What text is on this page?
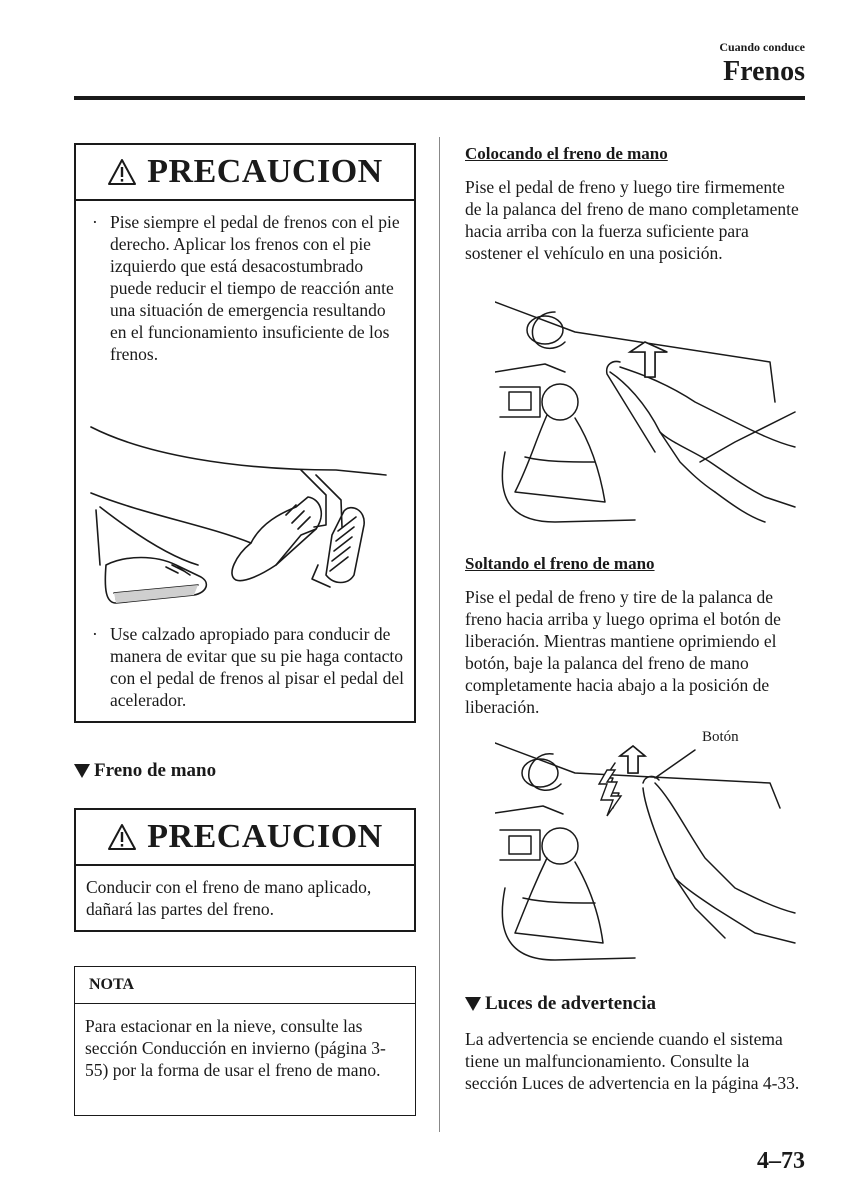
Cuando conduce
Frenos
PRECAUCION
· Pise siempre el pedal de frenos con el pie derecho. Aplicar los frenos con el pie izquierdo que está desacostumbrado puede reducir el tiempo de reacción ante una situación de emergencia resultando en el funcionamiento insuficiente de los frenos.
· Use calzado apropiado para conducir de manera de evitar que su pie haga contacto con el pedal de frenos al pisar el pedal del acelerador.
Freno de mano
PRECAUCION
Conducir con el freno de mano aplicado, dañará las partes del freno.
NOTA
Para estacionar en la nieve, consulte las sección Conducción en invierno (página 3-55) por la forma de usar el freno de mano.
Colocando el freno de mano
Pise el pedal de freno y luego tire firmemente de la palanca del freno de mano completamente hacia arriba con la fuerza suficiente para sostener el vehículo en una posición.
Soltando el freno de mano
Pise el pedal de freno y tire de la palanca de freno hacia arriba y luego oprima el botón de liberación. Mientras mantiene oprimiendo el botón, baje la palanca del freno de mano completamente hacia abajo a la posición de liberación.
Botón
Luces de advertencia
La advertencia se enciende cuando el sistema tiene un malfuncionamiento. Consulte la sección Luces de advertencia en la página 4-33.
4–73
